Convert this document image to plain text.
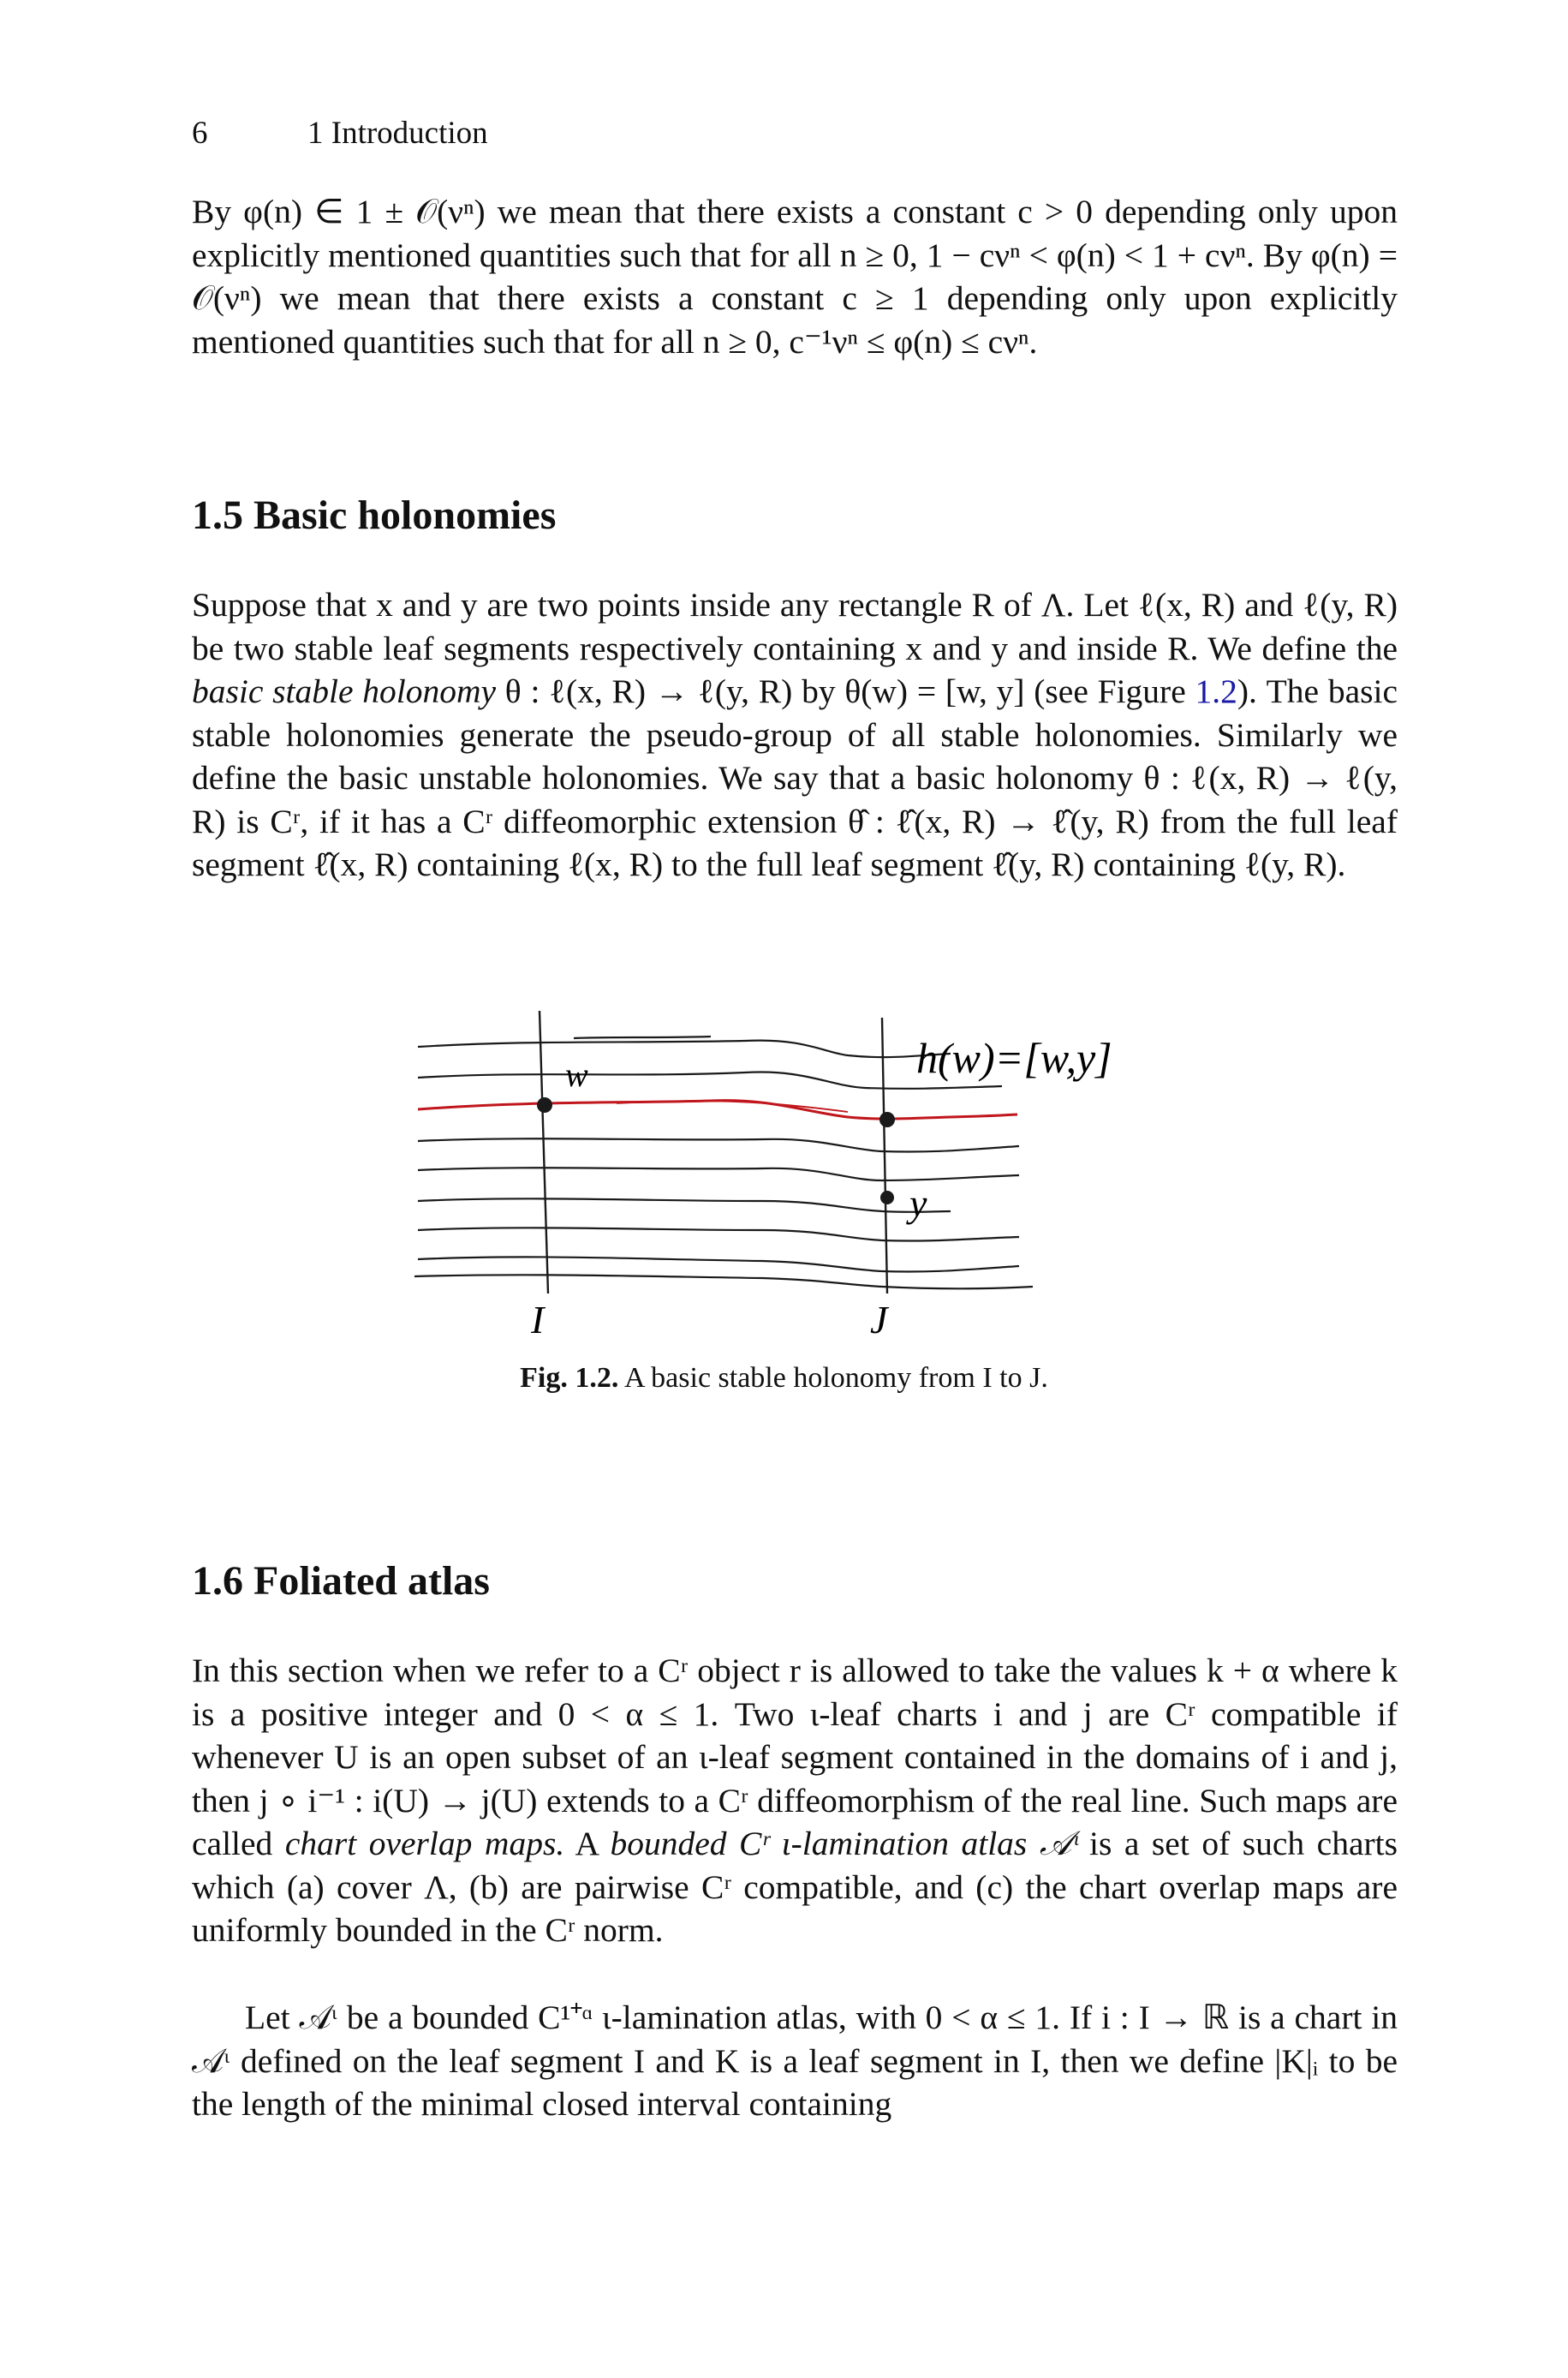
6	1 Introduction

By φ(n) ∈ 1 ± 𝒪(νⁿ) we mean that there exists a constant c > 0 depending only upon explicitly mentioned quantities such that for all n ≥ 0, 1 − cνⁿ < φ(n) < 1 + cνⁿ. By φ(n) = 𝒪(νⁿ) we mean that there exists a constant c ≥ 1 depending only upon explicitly mentioned quantities such that for all n ≥ 0, c⁻¹νⁿ ≤ φ(n) ≤ cνⁿ.

1.5 Basic holonomies

Suppose that x and y are two points inside any rectangle R of Λ. Let ℓ(x, R) and ℓ(y, R) be two stable leaf segments respectively containing x and y and inside R. We define the basic stable holonomy θ : ℓ(x, R) → ℓ(y, R) by θ(w) = [w, y] (see Figure 1.2). The basic stable holonomies generate the pseudo-group of all stable holonomies. Similarly we define the basic unstable holonomies. We say that a basic holonomy θ : ℓ(x, R) → ℓ(y, R) is Cʳ, if it has a Cʳ diffeomorphic extension θ̂ : ℓ̂(x, R) → ℓ̂(y, R) from the full leaf segment ℓ̂(x, R) containing ℓ(x, R) to the full leaf segment ℓ̂(y, R) containing ℓ(y, R).

w	h(w)=[w,y]
y
I	J
Fig. 1.2. A basic stable holonomy from I to J.
1.6 Foliated atlas

In this section when we refer to a Cʳ object r is allowed to take the values k + α where k is a positive integer and 0 < α ≤ 1. Two ι-leaf charts i and j are Cʳ compatible if whenever U is an open subset of an ι-leaf segment contained in the domains of i and j, then j ∘ i⁻¹ : i(U) → j(U) extends to a Cʳ diffeomorphism of the real line. Such maps are called chart overlap maps. A bounded Cʳ ι-lamination atlas 𝒜ᶥ is a set of such charts which (a) cover Λ, (b) are pairwise Cʳ compatible, and (c) the chart overlap maps are uniformly bounded in the Cʳ norm.

Let 𝒜ᶥ be a bounded C¹⁺ᵅ ι-lamination atlas, with 0 < α ≤ 1. If i : I → ℝ is a chart in 𝒜ᶥ defined on the leaf segment I and K is a leaf segment in I, then we define |K|ᵢ to be the length of the minimal closed interval containing
